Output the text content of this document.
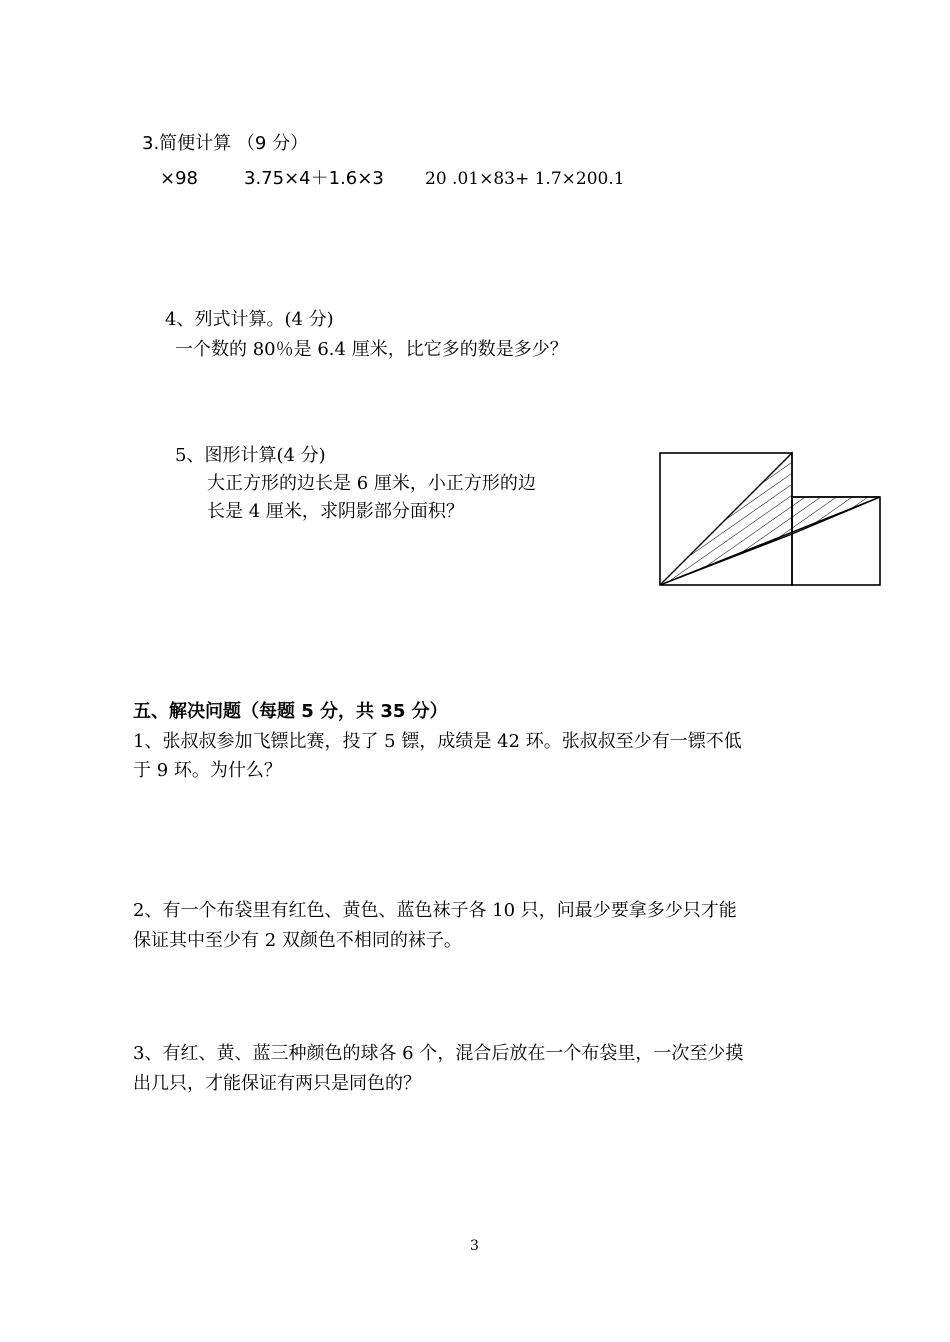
3.简便计算 （9 分）
×98	3.75×4＋1.6×3 20 .01×83+ 1.7×200.1
4、列式计算。(4 分)
一个数的 80％是 6.4 厘米，比它多的数是多少？
5、图形计算(4 分)
大正方形的边长是 6 厘米，小正方形的边
长是 4 厘米，求阴影部分面积？
五、解决问题（每题 5 分，共 35 分）
1、张叔叔参加飞镖比赛，投了 5 镖，成绩是 42 环。张叔叔至少有一镖不低
于 9 环。为什么？
2、有一个布袋里有红色、黄色、蓝色袜子各 10 只，问最少要拿多少只才能
保证其中至少有 2 双颜色不相同的袜子。
3、有红、黄、蓝三种颜色的球各 6 个，混合后放在一个布袋里，一次至少摸
出几只，才能保证有两只是同色的？
3
